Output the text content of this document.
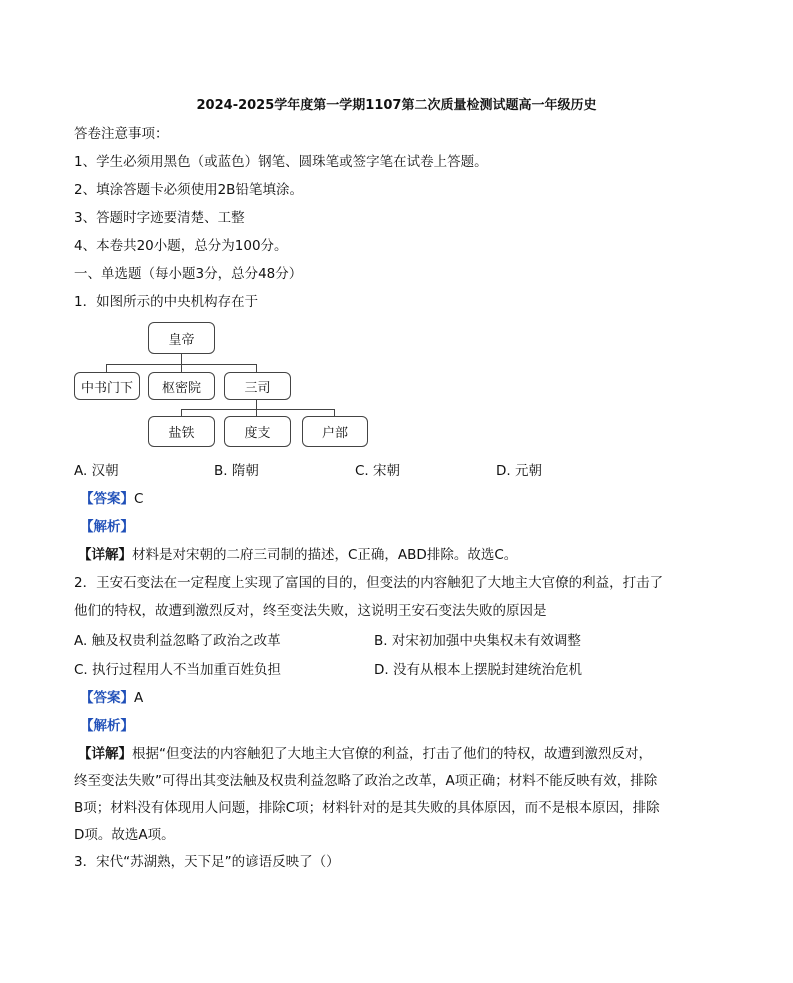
2024-2025学年度第一学期1107第二次质量检测试题高一年级历史
答卷注意事项：
1、学生必须用黑色（或蓝色）钢笔、圆珠笔或签字笔在试卷上答题。
2、填涂答题卡必须使用2B铅笔填涂。
3、答题时字迹要清楚、工整
4、本卷共20小题，总分为100分。
一、单选题（每小题3分，总分48分）
1．如图所示的中央机构存在于
皇帝
中书门下	枢密院	三司
盐铁	度支	户部
A. 汉朝	B. 隋朝	C. 宋朝	D. 元朝
【答案】C
【解析】
【详解】材料是对宋朝的二府三司制的描述，C正确，ABD排除。故选C。
2．王安石变法在一定程度上实现了富国的目的，但变法的内容触犯了大地主大官僚的利益，打击了
他们的特权，故遭到激烈反对，终至变法失败，这说明王安石变法失败的原因是
A. 触及权贵利益忽略了政治之改革	B. 对宋初加强中央集权未有效调整
C. 执行过程用人不当加重百姓负担	D. 没有从根本上摆脱封建统治危机
【答案】A
【解析】
【详解】根据“但变法的内容触犯了大地主大官僚的利益，打击了他们的特权，故遭到激烈反对，
终至变法失败”可得出其变法触及权贵利益忽略了政治之改革，A项正确；材料不能反映有效，排除
B项；材料没有体现用人问题，排除C项；材料针对的是其失败的具体原因，而不是根本原因，排除
D项。故选A项。
3．宋代“苏湖熟，天下足”的谚语反映了（）
